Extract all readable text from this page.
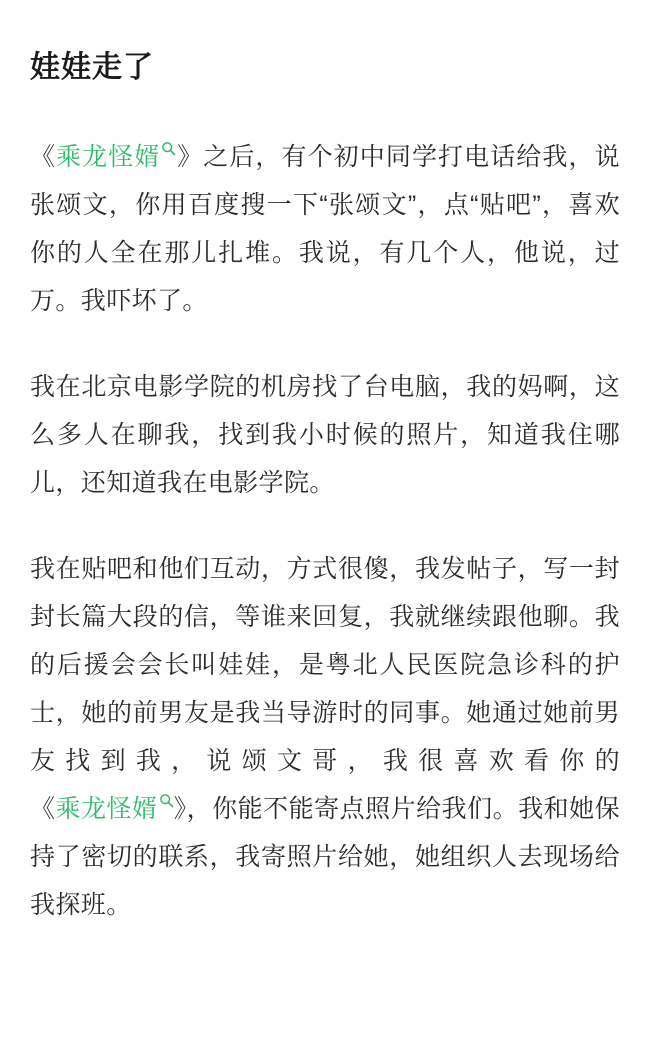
娃娃走了
《乘龙怪婿 》之后，有个初中同学打电话给我，说张颂文，你用百度搜一下“张颂文”，点“贴吧”，喜欢你的人全在那儿扎堆。我说，有几个人，他说，过万。我吓坏了。
我在北京电影学院的机房找了台电脑，我的妈啊，这么多人在聊我，找到我小时候的照片，知道我住哪儿，还知道我在电影学院。
我在贴吧和他们互动，方式很傻，我发帖子，写一封封长篇大段的信，等谁来回复，我就继续跟他聊。我的后援会会长叫娃娃，是粤北人民医院急诊科的护士，她的前男友是我当导游时的同事。她通过她前男友找到我，说颂文哥，我很喜欢看你的《乘龙怪婿 》，你能不能寄点照片给我们。我和她保持了密切的联系，我寄照片给她，她组织人去现场给我探班。
